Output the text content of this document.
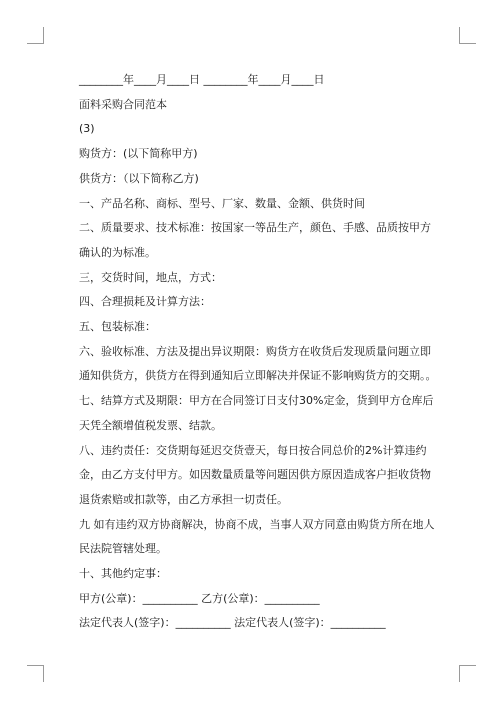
________年____月____日 ________年____月____日
面料采购合同范本
(3)
购货方：(以下简称甲方)
供货方：（以下简称乙方)
一、产品名称、商标、型号、厂家、数量、金额、供货时间
二、质量要求、技术标准：按国家一等品生产，颜色、手感、品质按甲方确认的为标准。
三，交货时间，地点，方式：
四、合理损耗及计算方法：
五、包装标准：
六、验收标准、方法及提出异议期限：购货方在收货后发现质量问题立即通知供货方，供货方在得到通知后立即解决并保证不影响购货方的交期。。
七、结算方式及期限：甲方在合同签订日支付30%定金，货到甲方仓库后天凭全额增值税发票、结款。
八、违约责任：交货期每延迟交货壹天，每日按合同总价的2%计算违约金，由乙方支付甲方。如因数量质量等问题因供方原因造成客户拒收货物退货索赔或扣款等，由乙方承担一切责任。
九 如有违约双方协商解决，协商不成，当事人双方同意由购货方所在地人民法院管辖处理。
十、其他约定事：
甲方(公章)：__________ 乙方(公章)：__________
法定代表人(签字)：__________ 法定代表人(签字)：__________
